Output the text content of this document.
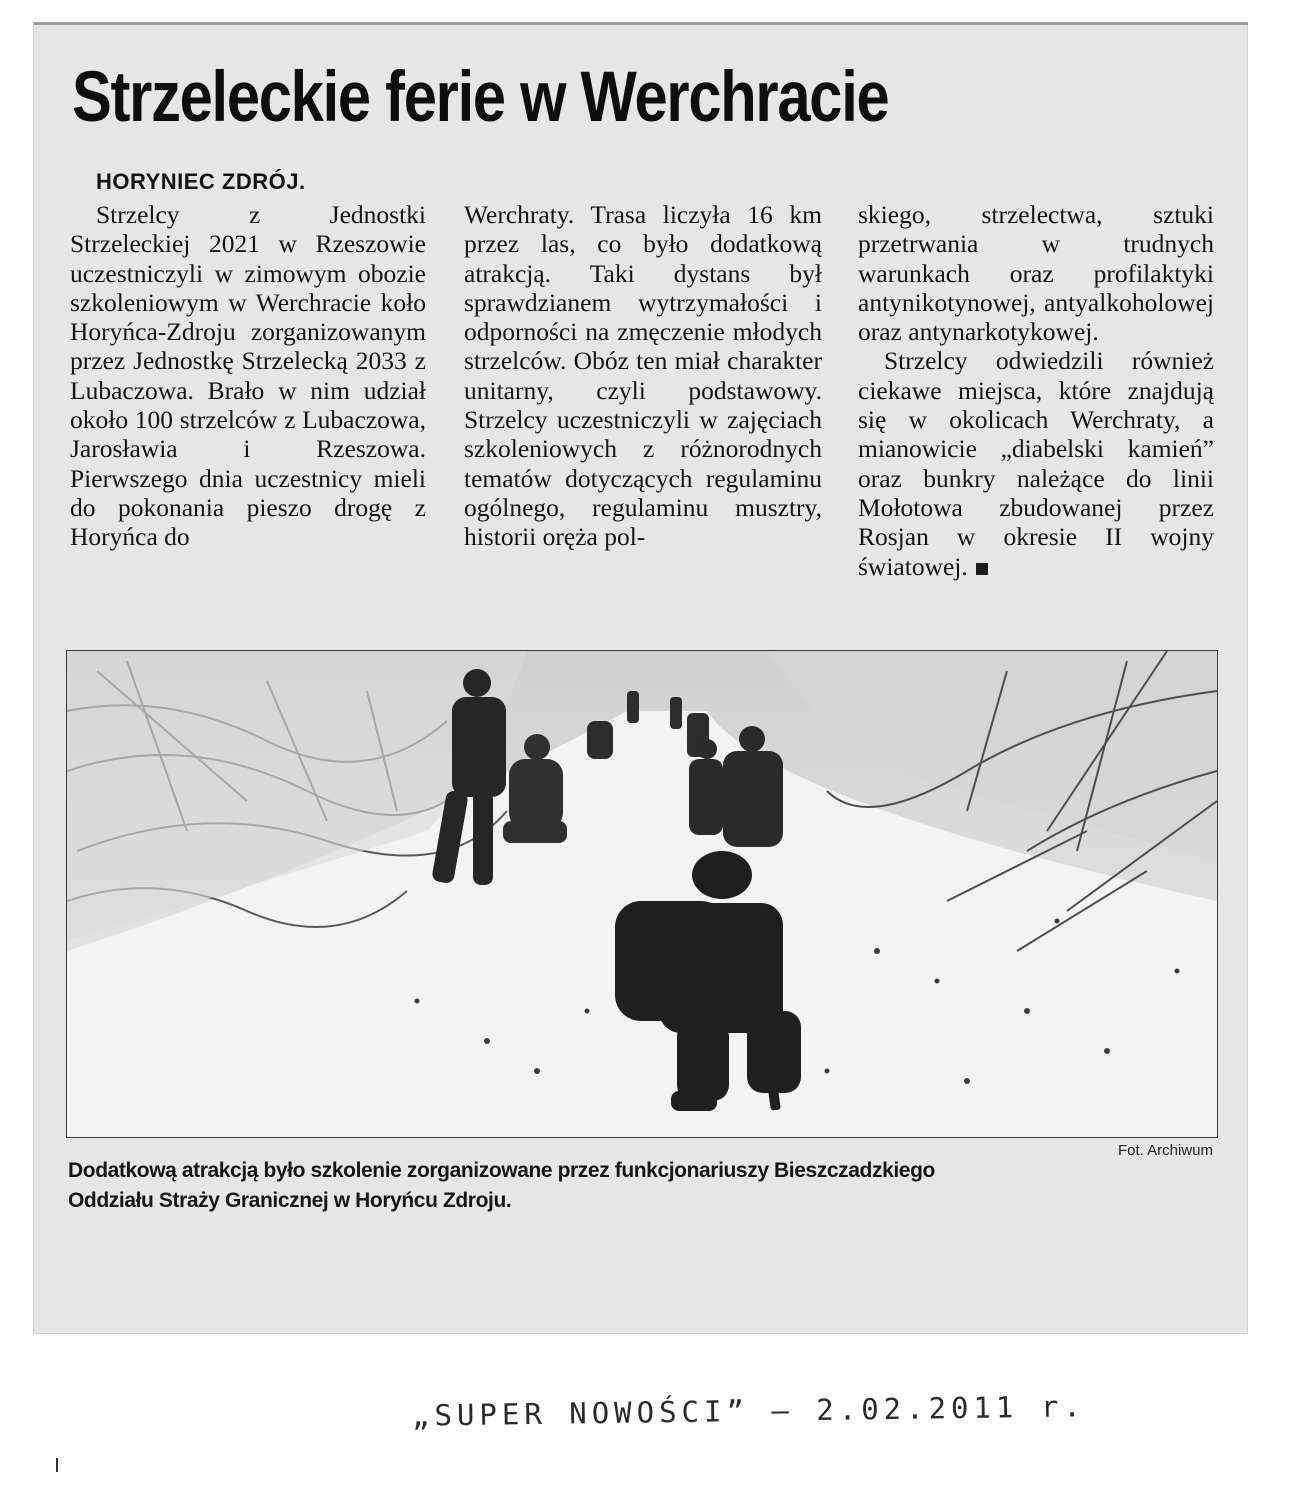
Strzeleckie ferie w Werchracie
HORYNIEC ZDRÓJ.

Strzelcy z Jednostki Strzeleckiej 2021 w Rzeszowie uczestniczyli w zimowym obozie szkoleniowym w Werchracie koło Horyńca-Zdroju zorganizowanym przez Jednostkę Strzelecką 2033 z Lubaczowa. Brało w nim udział około 100 strzelców z Lubaczowa, Jarosławia i Rzeszowa. Pierwszego dnia uczestnicy mieli do pokonania pieszo drogę z Horyńca do

Werchraty. Trasa liczyła 16 km przez las, co było dodatkową atrakcją. Taki dystans był sprawdzianem wytrzymałości i odporności na zmęczenie młodych strzelców. Obóz ten miał charakter unitarny, czyli podstawowy. Strzelcy uczestniczyli w zajęciach szkoleniowych z różnorodnych tematów dotyczących regulaminu ogólnego, regulaminu musztry, historii oręża pol-

skiego, strzelectwa, sztuki przetrwania w trudnych warunkach oraz profilaktyki antynikotynowej, antyalkoholowej oraz antynarkotykowej.

Strzelcy odwiedzili również ciekawe miejsca, które znajdują się w okolicach Werchraty, a mianowicie „diabelski kamień” oraz bunkry należące do linii Mołotowa zbudowanej przez Rosjan w okresie II wojny światowej.

Fot. Archiwum
Dodatkową atrakcją było szkolenie zorganizowane przez funkcjonariuszy Bieszczadzkiego
Oddziału Straży Granicznej w Horyńcu Zdroju.
„SUPER NOWOŚCI” – 2.02.2011 r.
